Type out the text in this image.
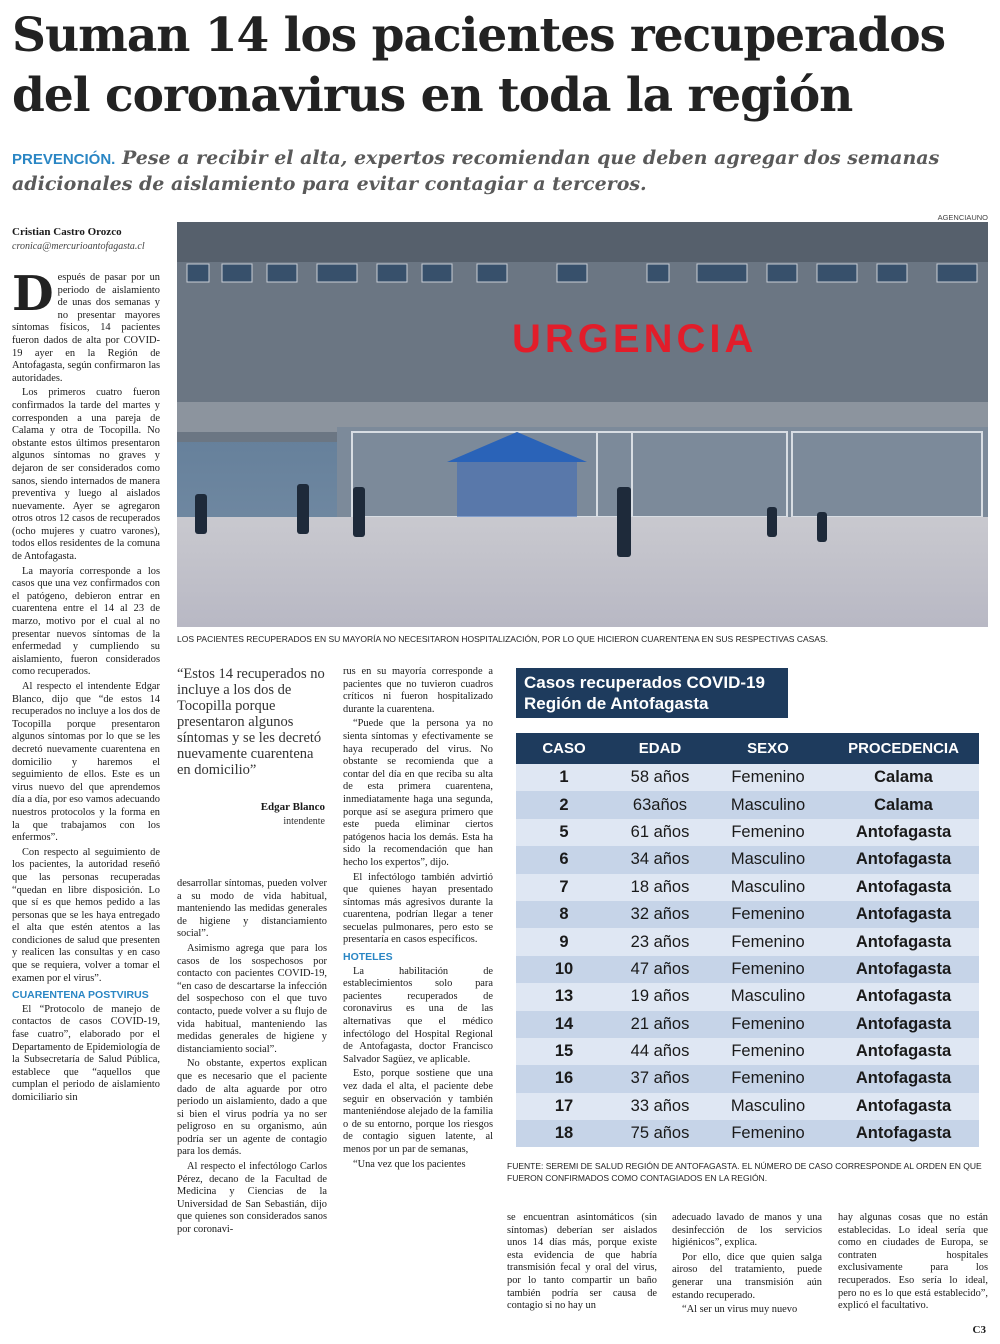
Suman 14 los pacientes recuperados del coronavirus en toda la región
PREVENCIÓN. Pese a recibir el alta, expertos recomiendan que deben agregar dos semanas adicionales de aislamiento para evitar contagiar a terceros.
Cristian Castro Orozco
cronica@mercurioantofagasta.cl
AGENCIAUNO
URGENCIA
LOS PACIENTES RECUPERADOS EN SU MAYORÍA NO NECESITARON HOSPITALIZACIÓN, POR LO QUE HICIERON CUARENTENA EN SUS RESPECTIVAS CASAS.

Después de pasar por un periodo de aislamiento de unas dos semanas y no presentar mayores síntomas físicos, 14 pacientes fueron dados de alta por COVID-19 ayer en la Región de Antofagasta, según confirmaron las autoridades.

Los primeros cuatro fueron confirmados la tarde del martes y corresponden a una pareja de Calama y otra de Tocopilla. No obstante estos últimos presentaron algunos síntomas no graves y dejaron de ser considerados como sanos, siendo internados de manera preventiva y luego al aislados nuevamente. Ayer se agregaron otros otros 12 casos de recuperados (ocho mujeres y cuatro varones), todos ellos residentes de la comuna de Antofagasta.

La mayoría corresponde a los casos que una vez confirmados con el patógeno, debieron entrar en cuarentena entre el 14 al 23 de marzo, motivo por el cual al no presentar nuevos síntomas de la enfermedad y cumpliendo su aislamiento, fueron considerados como recuperados.

Al respecto el intendente Edgar Blanco, dijo que “de estos 14 recuperados no incluye a los dos de Tocopilla porque presentaron algunos síntomas por lo que se les decretó nuevamente cuarentena en domicilio y haremos el seguimiento de ellos. Este es un virus nuevo del que aprendemos día a día, por eso vamos adecuando nuestros protocolos y la forma en la que trabajamos con los enfermos”.

Con respecto al seguimiento de los pacientes, la autoridad reseñó que las personas recuperadas “quedan en libre disposición. Lo que sí es que hemos pedido a las personas que se les haya entregado el alta que estén atentos a las condiciones de salud que presenten y realicen las consultas y en caso que se requiera, volver a tomar el examen por el virus”.

CUARENTENA POSTVIRUS

El “Protocolo de manejo de contactos de casos COVID-19, fase cuatro”, elaborado por el Departamento de Epidemiología de la Subsecretaría de Salud Pública, establece que “aquellos que cumplan el periodo de aislamiento domiciliario sin

“Estos 14 recuperados no incluye a los dos de Tocopilla porque presentaron algunos síntomas y se les decretó nuevamente cuarentena en domicilio”
Edgar Blanco
intendente

desarrollar síntomas, pueden volver a su modo de vida habitual, manteniendo las medidas generales de higiene y distanciamiento social”.

Asimismo agrega que para los casos de los sospechosos por contacto con pacientes COVID-19, “en caso de descartarse la infección del sospechoso con el que tuvo contacto, puede volver a su flujo de vida habitual, manteniendo las medidas generales de higiene y distanciamiento social”.

No obstante, expertos explican que es necesario que el paciente dado de alta aguarde por otro periodo un aislamiento, dado a que si bien el virus podría ya no ser peligroso en su organismo, aún podría ser un agente de contagio para los demás.

Al respecto el infectólogo Carlos Pérez, decano de la Facultad de Medicina y Ciencias de la Universidad de San Sebastián, dijo que quienes son considerados sanos por coronavi-

rus en su mayoría corresponde a pacientes que no tuvieron cuadros críticos ni fueron hospitalizado durante la cuarentena.

“Puede que la persona ya no sienta síntomas y efectivamente se haya recuperado del virus. No obstante se recomienda que a contar del día en que reciba su alta de esta primera cuarentena, inmediatamente haga una segunda, porque así se asegura primero que este pueda eliminar ciertos patógenos hacia los demás. Esta ha sido la recomendación que han hecho los expertos”, dijo.

El infectólogo también advirtió que quienes hayan presentado síntomas más agresivos durante la cuarentena, podrían llegar a tener secuelas pulmonares, pero esto se presentaría en casos específicos.

HOTELES

La habilitación de establecimientos solo para pacientes recuperados de coronavirus es una de las alternativas que el médico infectólogo del Hospital Regional de Antofagasta, doctor Francisco Salvador Sagüez, ve aplicable.

Esto, porque sostiene que una vez dada el alta, el paciente debe seguir en observación y también manteniéndose alejado de la familia o de su entorno, porque los riesgos de contagio siguen latente, al menos por un par de semanas,

“Una vez que los pacientes

Casos recuperados COVID-19
Región de Antofagasta
CASO	EDAD	SEXO	PROCEDENCIA
1	58 años	Femenino	Calama
2	63años	Masculino	Calama
5	61 años	Femenino	Antofagasta
6	34 años	Masculino	Antofagasta
7	18 años	Masculino	Antofagasta
8	32 años	Femenino	Antofagasta
9	23 años	Femenino	Antofagasta
10	47 años	Femenino	Antofagasta
13	19 años	Masculino	Antofagasta
14	21 años	Femenino	Antofagasta
15	44 años	Femenino	Antofagasta
16	37 años	Femenino	Antofagasta
17	33 años	Masculino	Antofagasta
18	75 años	Femenino	Antofagasta
FUENTE: SEREMI DE SALUD REGIÓN DE ANTOFAGASTA. EL NÚMERO DE CASO CORRESPONDE AL ORDEN EN QUE FUERON CONFIRMADOS COMO CONTAGIADOS EN LA REGIÓN.

se encuentran asintomáticos (sin síntomas) deberían ser aislados unos 14 días más, porque existe esta evidencia de que habría transmisión fecal y oral del virus, por lo tanto compartir un baño también podría ser causa de contagio si no hay un

adecuado lavado de manos y una desinfección de los servicios higiénicos”, explica.

Por ello, dice que quien salga airoso del tratamiento, puede generar una transmisión aún estando recuperado.

“Al ser un virus muy nuevo

hay algunas cosas que no están establecidas. Lo ideal sería que como en ciudades de Europa, se contraten hospitales exclusivamente para los recuperados. Eso sería lo ideal, pero no es lo que está establecido”, explicó el facultativo.

C3
